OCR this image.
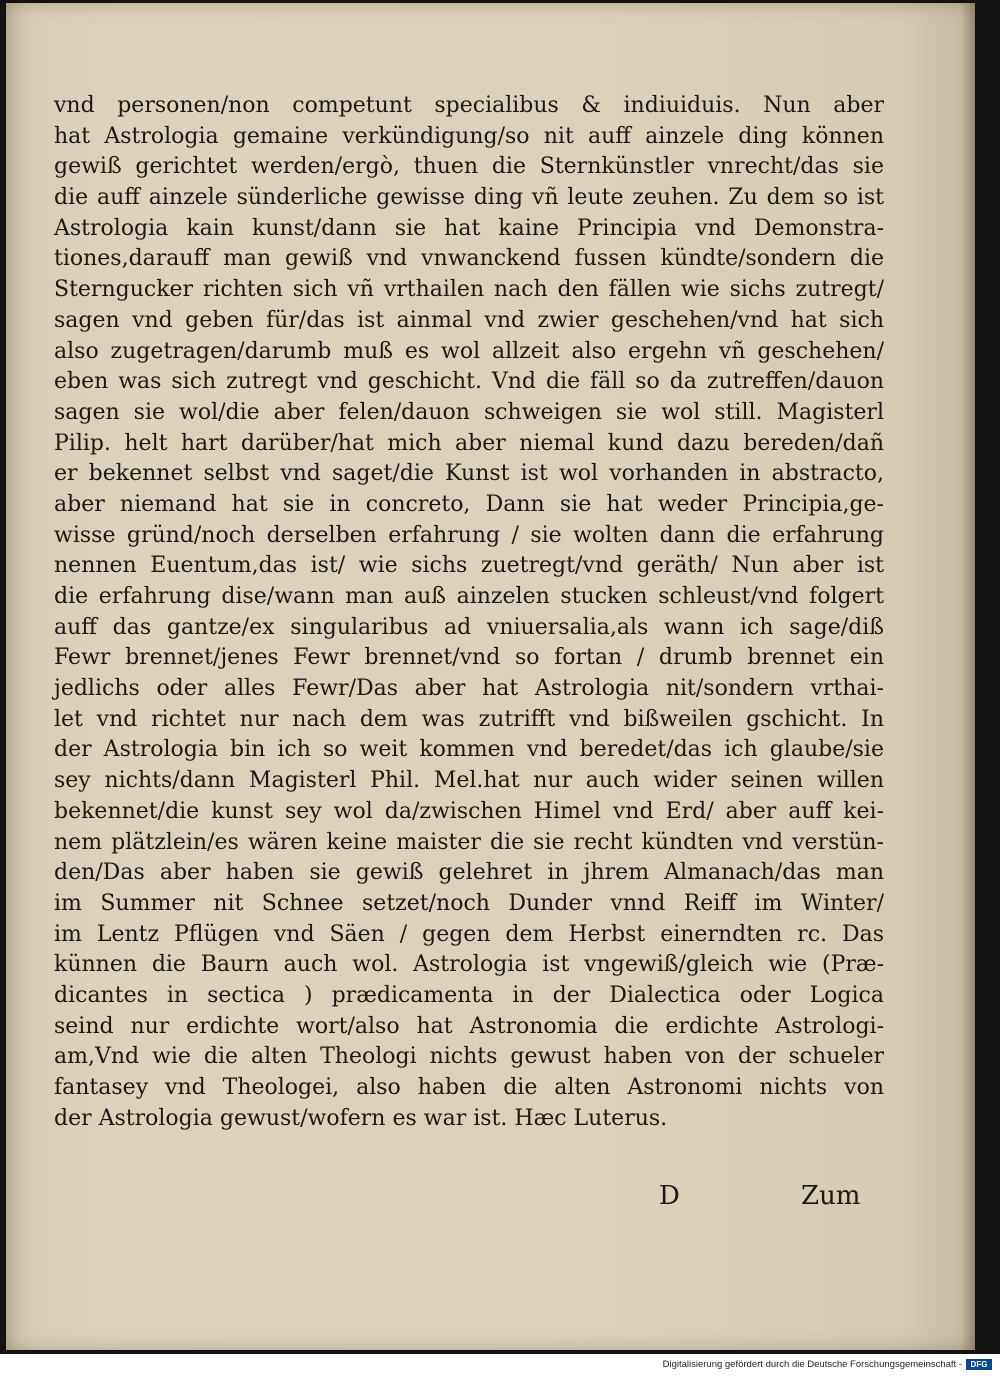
vnd personen/non competunt specialibus & indiuiduis. Nun aber
hat Astrologia gemaine verkündigung/so nit auff ainzele ding können
gewiß gerichtet werden/ergò, thuen die Sternkünstler vnrecht/das sie
die auff ainzele sünderliche gewisse ding vñ leute zeuhen. Zu dem so ist
Astrologia kain kunst/dann sie hat kaine Principia vnd Demonstra-
tiones,darauff man gewiß vnd vnwanckend fussen kündte/sondern die
Sterngucker richten sich vñ vrthailen nach den fällen wie sichs zutregt/
sagen vnd geben für/das ist ainmal vnd zwier geschehen/vnd hat sich
also zugetragen/darumb muß es wol allzeit also ergehn vñ geschehen/
eben was sich zutregt vnd geschicht. Vnd die fäll so da zutreffen/dauon
sagen sie wol/die aber felen/dauon schweigen sie wol still. Magisterl
Pilip. helt hart darüber/hat mich aber niemal kund dazu bereden/dañ
er bekennet selbst vnd saget/die Kunst ist wol vorhanden in abstracto,
aber niemand hat sie in concreto, Dann sie hat weder Principia,ge-
wisse gründ/noch derselben erfahrung / sie wolten dann die erfahrung
nennen Euentum,das ist/ wie sichs zuetregt/vnd geräth/ Nun aber ist
die erfahrung dise/wann man auß ainzelen stucken schleust/vnd folgert
auff das gantze/ex singularibus ad vniuersalia,als wann ich sage/diß
Fewr brennet/jenes Fewr brennet/vnd so fortan / drumb brennet ein
jedlichs oder alles Fewr/Das aber hat Astrologia nit/sondern vrthai-
let vnd richtet nur nach dem was zutrifft vnd bißweilen gschicht. In
der Astrologia bin ich so weit kommen vnd beredet/das ich glaube/sie
sey nichts/dann Magisterl Phil. Mel.hat nur auch wider seinen willen
bekennet/die kunst sey wol da/zwischen Himel vnd Erd/ aber auff kei-
nem plätzlein/es wären keine maister die sie recht kündten vnd verstün-
den/Das aber haben sie gewiß gelehret in jhrem Almanach/das man
im Summer nit Schnee setzet/noch Dunder vnnd Reiff im Winter/
im Lentz Pflügen vnd Säen / gegen dem Herbst einerndten rc. Das
künnen die Baurn auch wol. Astrologia ist vngewiß/gleich wie (Præ-
dicantes in sectica ) prædicamenta in der Dialectica oder Logica
seind nur erdichte wort/also hat Astronomia die erdichte Astrologi-
am,Vnd wie die alten Theologi nichts gewust haben von der schueler
fantasey vnd Theologei, also haben die alten Astronomi nichts von
der Astrologia gewust/wofern es war ist. Hæc Luterus.
D	Zum
Digitalisierung gefördert durch die Deutsche Forschungsgemeinschaft -	DFG
